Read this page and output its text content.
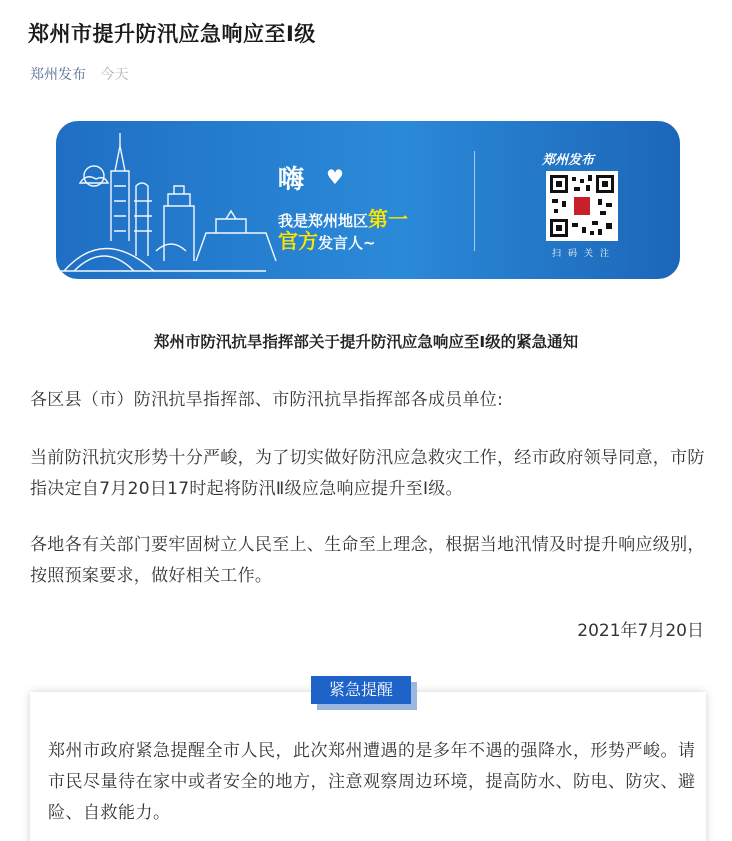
郑州市提升防汛应急响应至Ⅰ级
郑州发布 今天
嗨 ♥
我是郑州地区第一
官方发言人~
郑州发布
扫码关注
郑州市防汛抗旱指挥部关于提升防汛应急响应至Ⅰ级的紧急通知
各区县（市）防汛抗旱指挥部、市防汛抗旱指挥部各成员单位:
当前防汛抗灾形势十分严峻，为了切实做好防汛应急救灾工作，经市政府领导同意，市防指决定自7月20日17时起将防汛Ⅱ级应急响应提升至Ⅰ级。
各地各有关部门要牢固树立人民至上、生命至上理念，根据当地汛情及时提升响应级别，按照预案要求，做好相关工作。
2021年7月20日
紧急提醒
郑州市政府紧急提醒全市人民，此次郑州遭遇的是多年不遇的强降水，形势严峻。请市民尽量待在家中或者安全的地方，注意观察周边环境，提高防水、防电、防灾、避险、自救能力。
